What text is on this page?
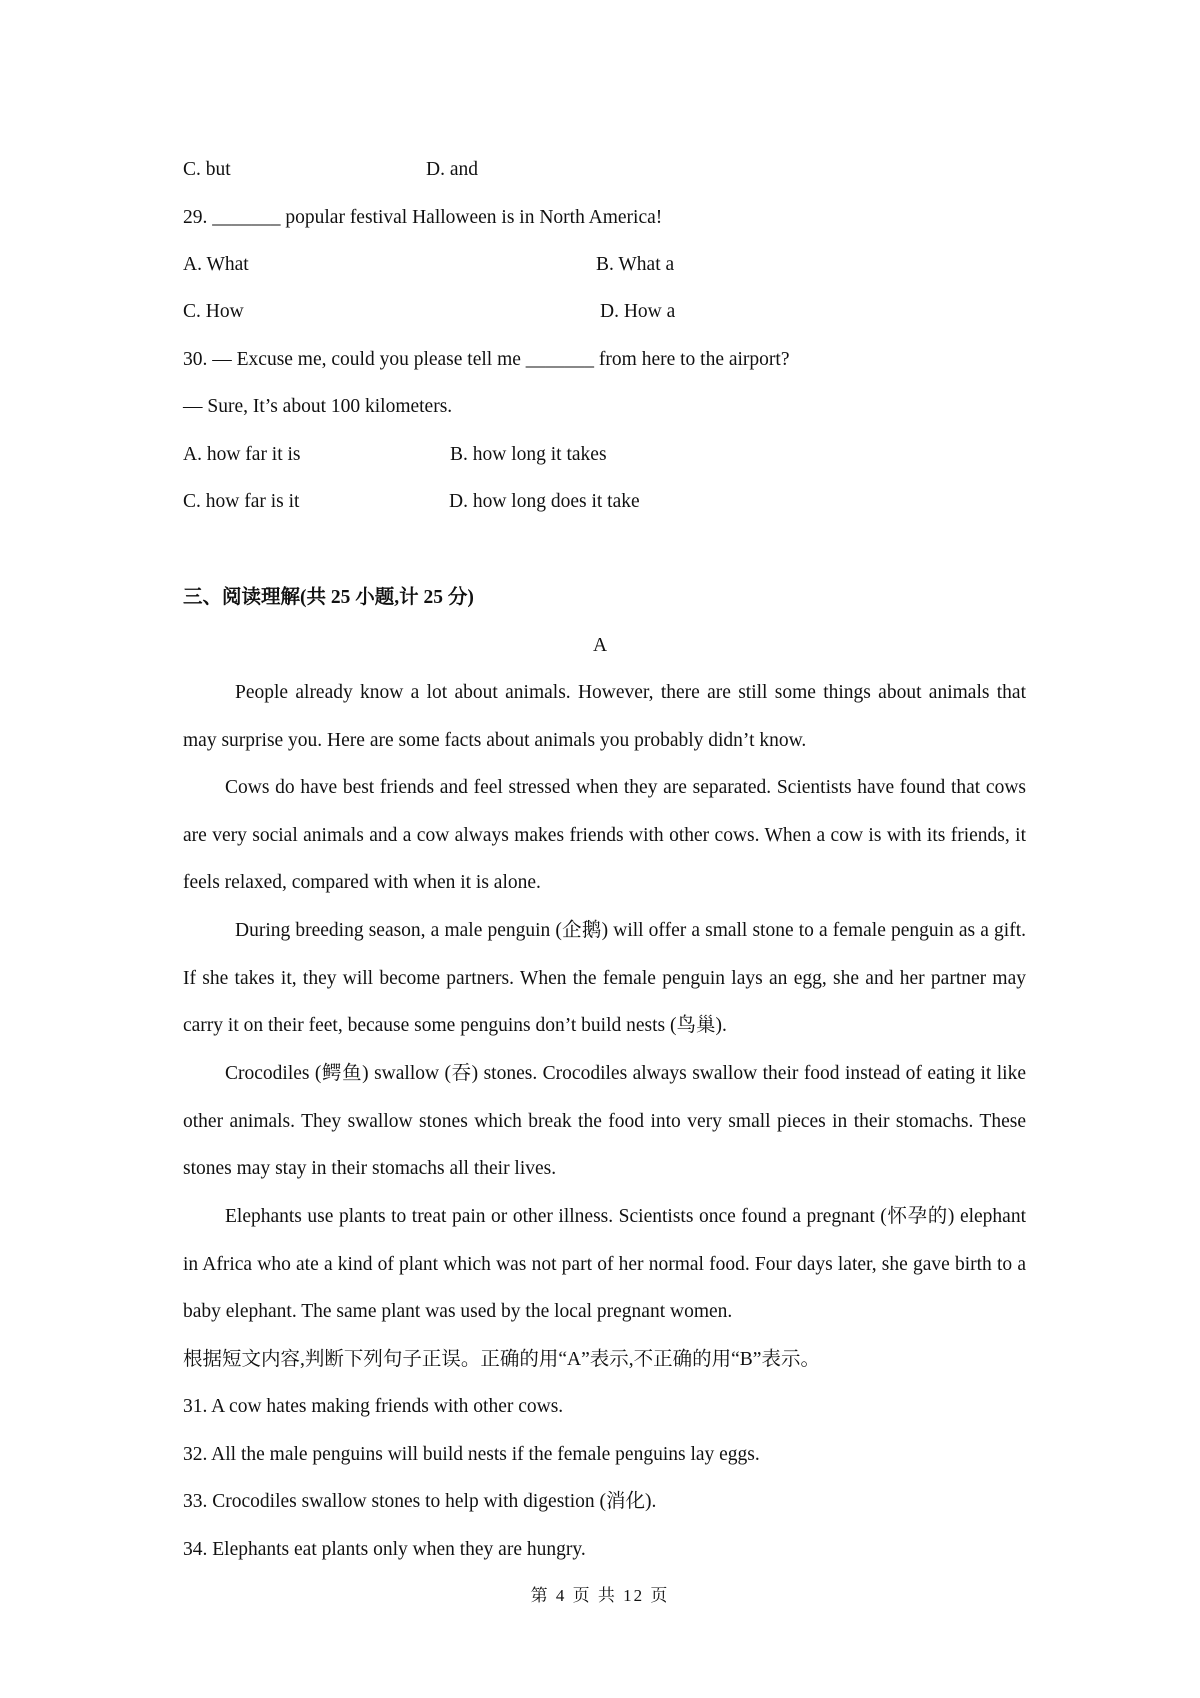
C. but	D. and
29. _______ popular festival Halloween is in North America!
A. What	B. What a
C. How	D. How a
30. — Excuse me, could you please tell me _______ from here to the airport?
— Sure, It’s about 100 kilometers.
A. how far it is	B. how long it takes
C. how far is it	D. how long does it take
三、阅读理解(共 25 小题,计 25 分)
A
People already know a lot about animals. However, there are still some things about animals that may surprise you. Here are some facts about animals you probably didn’t know.
Cows do have best friends and feel stressed when they are separated. Scientists have found that cows are very social animals and a cow always makes friends with other cows. When a cow is with its friends, it feels relaxed, compared with when it is alone.
During breeding season, a male penguin (企鹅) will offer a small stone to a female penguin as a gift. If she takes it, they will become partners. When the female penguin lays an egg, she and her partner may carry it on their feet, because some penguins don’t build nests (鸟巢).
Crocodiles (鳄鱼) swallow (吞) stones. Crocodiles always swallow their food instead of eating it like other animals. They swallow stones which break the food into very small pieces in their stomachs. These stones may stay in their stomachs all their lives.
Elephants use plants to treat pain or other illness. Scientists once found a pregnant (怀孕的) elephant in Africa who ate a kind of plant which was not part of her normal food. Four days later, she gave birth to a baby elephant. The same plant was used by the local pregnant women.
根据短文内容,判断下列句子正误。正确的用“A”表示,不正确的用“B”表示。
31. A cow hates making friends with other cows.
32. All the male penguins will build nests if the female penguins lay eggs.
33. Crocodiles swallow stones to help with digestion (消化).
34. Elephants eat plants only when they are hungry.
第 4 页 共 12 页
